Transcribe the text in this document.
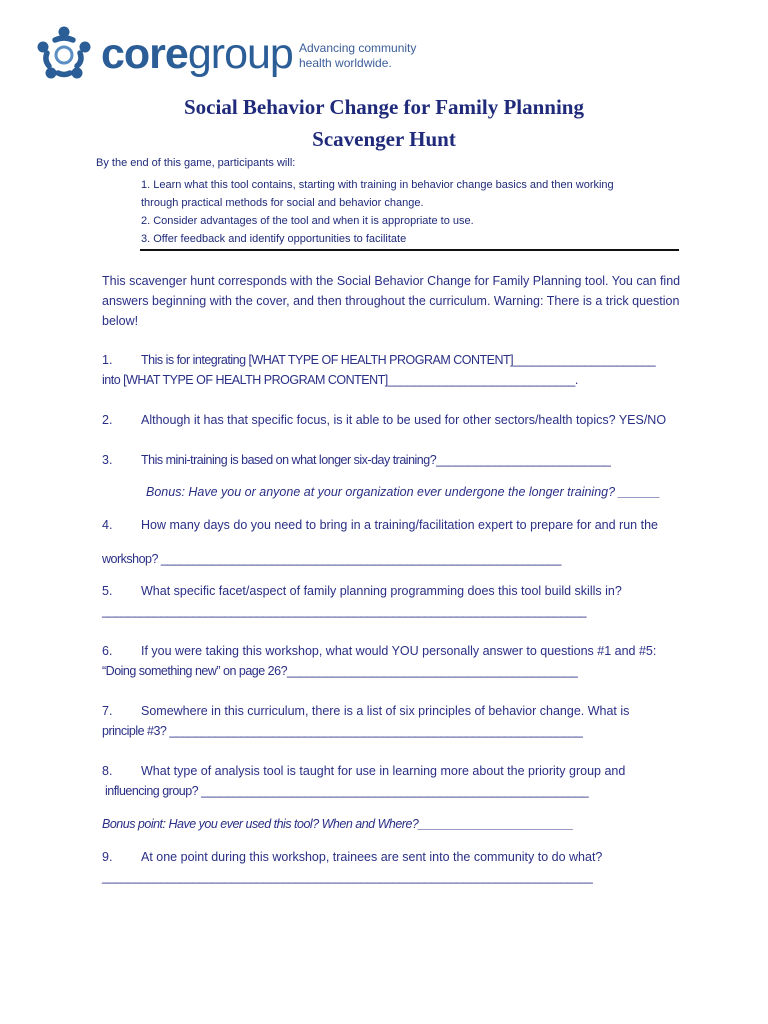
coregroup Advancing community
health worldwide.
Social Behavior Change for Family Planning
Scavenger Hunt
By the end of this game, participants will:
1. Learn what this tool contains, starting with training in behavior change basics and then working
through practical methods for social and behavior change.
2. Consider advantages of the tool and when it is appropriate to use.
3. Offer feedback and identify opportunities to facilitate
This scavenger hunt corresponds with the Social Behavior Change for Family Planning tool. You can find answers beginning with the cover, and then throughout the curriculum. Warning: There is a trick question below!
1. This is for integrating [WHAT TYPE OF HEALTH PROGRAM CONTENT]______________________
into [WHAT TYPE OF HEALTH PROGRAM CONTENT]_____________________________.
2. Although it has that specific focus, is it able to be used for other sectors/health topics? YES/NO
3. This mini-training is based on what longer six-day training?___________________________
Bonus: Have you or anyone at your organization ever undergone the longer training? ______
4. How many days do you need to bring in a training/facilitation expert to prepare for and run the
workshop? ______________________________________________________________
5. What specific facet/aspect of family planning programming does this tool build skills in?
___________________________________________________________________________
6. If you were taking this workshop, what would YOU personally answer to questions #1 and #5:
“Doing something new” on page 26?_____________________________________________
7. Somewhere in this curriculum, there is a list of six principles of behavior change. What is
principle #3? ________________________________________________________________
8. What type of analysis tool is taught for use in learning more about the priority group and
influencing group? ____________________________________________________________
Bonus point: Have you ever used this tool? When and Where?________________________
9. At one point during this workshop, trainees are sent into the community to do what?
____________________________________________________________________________
